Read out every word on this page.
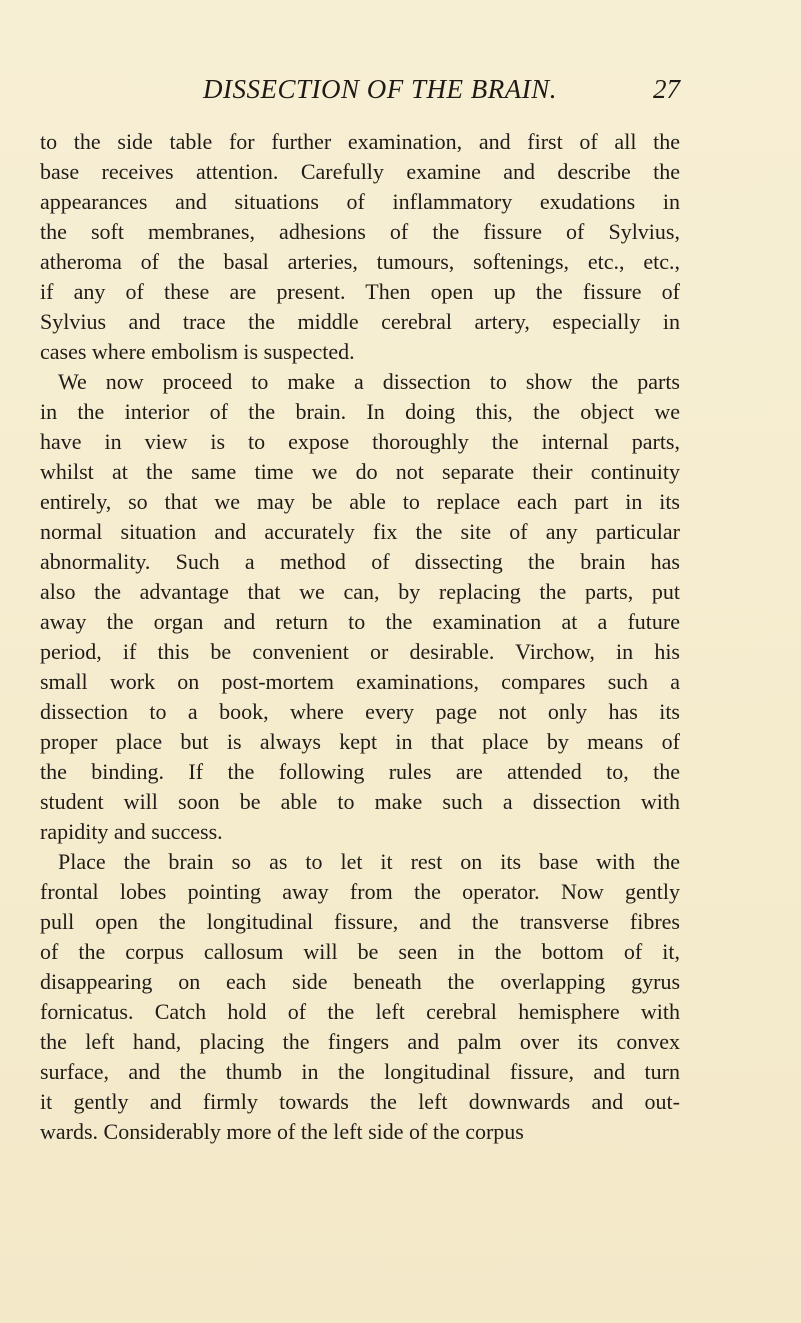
DISSECTION OF THE BRAIN.	27
to the side table for further examination, and first of all the
base receives attention. Carefully examine and describe the
appearances and situations of inflammatory exudations in
the soft membranes, adhesions of the fissure of Sylvius,
atheroma of the basal arteries, tumours, softenings, etc., etc.,
if any of these are present. Then open up the fissure of
Sylvius and trace the middle cerebral artery, especially in
cases where embolism is suspected.
We now proceed to make a dissection to show the parts
in the interior of the brain. In doing this, the object we
have in view is to expose thoroughly the internal parts,
whilst at the same time we do not separate their continuity
entirely, so that we may be able to replace each part in its
normal situation and accurately fix the site of any particular
abnormality. Such a method of dissecting the brain has
also the advantage that we can, by replacing the parts, put
away the organ and return to the examination at a future
period, if this be convenient or desirable. Virchow, in his
small work on post-mortem examinations, compares such a
dissection to a book, where every page not only has its
proper place but is always kept in that place by means of
the binding. If the following rules are attended to, the
student will soon be able to make such a dissection with
rapidity and success.
Place the brain so as to let it rest on its base with the
frontal lobes pointing away from the operator. Now gently
pull open the longitudinal fissure, and the transverse fibres
of the corpus callosum will be seen in the bottom of it,
disappearing on each side beneath the overlapping gyrus
fornicatus. Catch hold of the left cerebral hemisphere with
the left hand, placing the fingers and palm over its convex
surface, and the thumb in the longitudinal fissure, and turn
it gently and firmly towards the left downwards and out-
wards. Considerably more of the left side of the corpus
